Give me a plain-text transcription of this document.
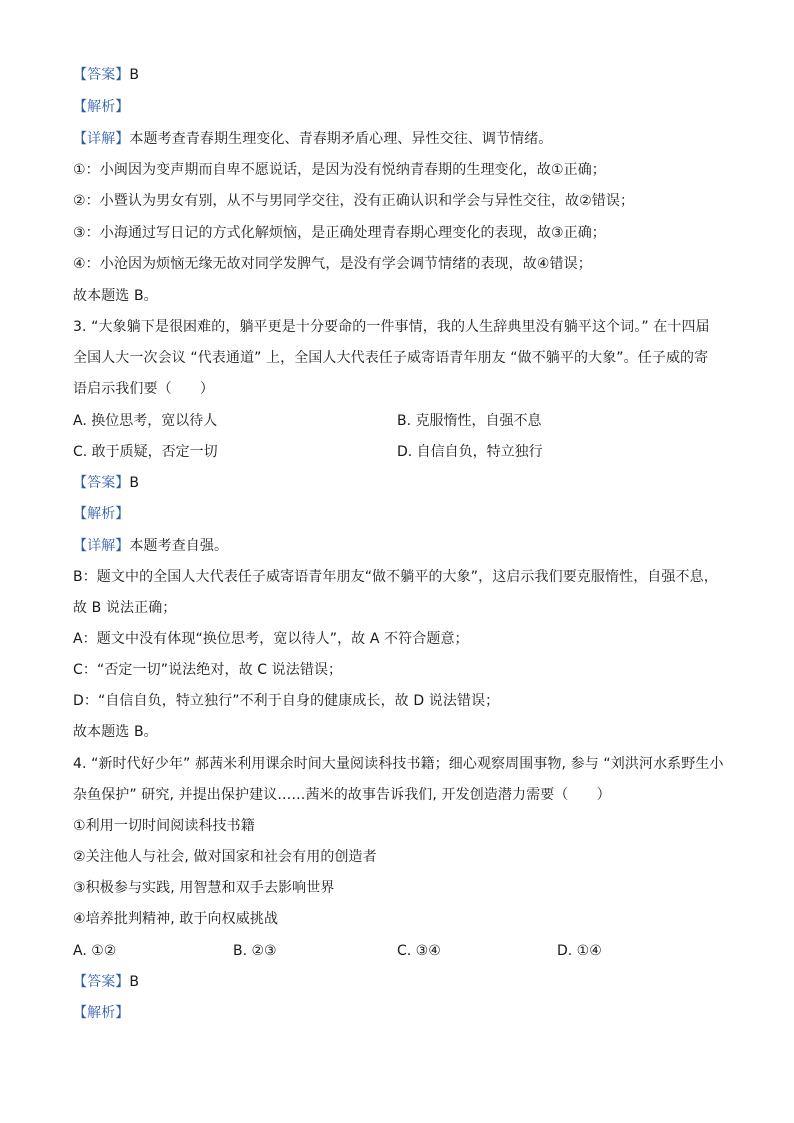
【答案】B
【解析】
【详解】本题考查青春期生理变化、青春期矛盾心理、异性交往、调节情绪。
①：小闽因为变声期而自卑不愿说话，是因为没有悦纳青春期的生理变化，故①正确；
②：小暨认为男女有别，从不与男同学交往，没有正确认识和学会与异性交往，故②错误；
③：小海通过写日记的方式化解烦恼，是正确处理青春期心理变化的表现，故③正确；
④：小沧因为烦恼无缘无故对同学发脾气，是没有学会调节情绪的表现，故④错误；
故本题选 B。
3. “大象躺下是很困难的，躺平更是十分要命的一件事情，我的人生辞典里没有躺平这个词。” 在十四届
全国人大一次会议 “代表通道” 上，全国人大代表任子威寄语青年朋友 “做不躺平的大象”。任子威的寄
语启示我们要（　　）
A. 换位思考，宽以待人	B. 克服惰性，自强不息
C. 敢于质疑，否定一切	D. 自信自负，特立独行
【答案】B
【解析】
【详解】本题考查自强。
B：题文中的全国人大代表任子威寄语青年朋友“做不躺平的大象”，这启示我们要克服惰性，自强不息，
故 B 说法正确；
A：题文中没有体现“换位思考，宽以待人”，故 A 不符合题意；
C：“否定一切”说法绝对，故 C 说法错误；
D：“自信自负，特立独行”不利于自身的健康成长，故 D 说法错误；
故本题选 B。
4. “新时代好少年” 郝茜米利用课余时间大量阅读科技书籍；细心观察周围事物, 参与 “刘洪河水系野生小
杂鱼保护” 研究, 并提出保护建议……茜米的故事告诉我们, 开发创造潜力需要（　　）
①利用一切时间阅读科技书籍
②关注他人与社会, 做对国家和社会有用的创造者
③积极参与实践, 用智慧和双手去影响世界
④培养批判精神, 敢于向权威挑战
A. ①②	B. ②③	C. ③④	D. ①④
【答案】B
【解析】
